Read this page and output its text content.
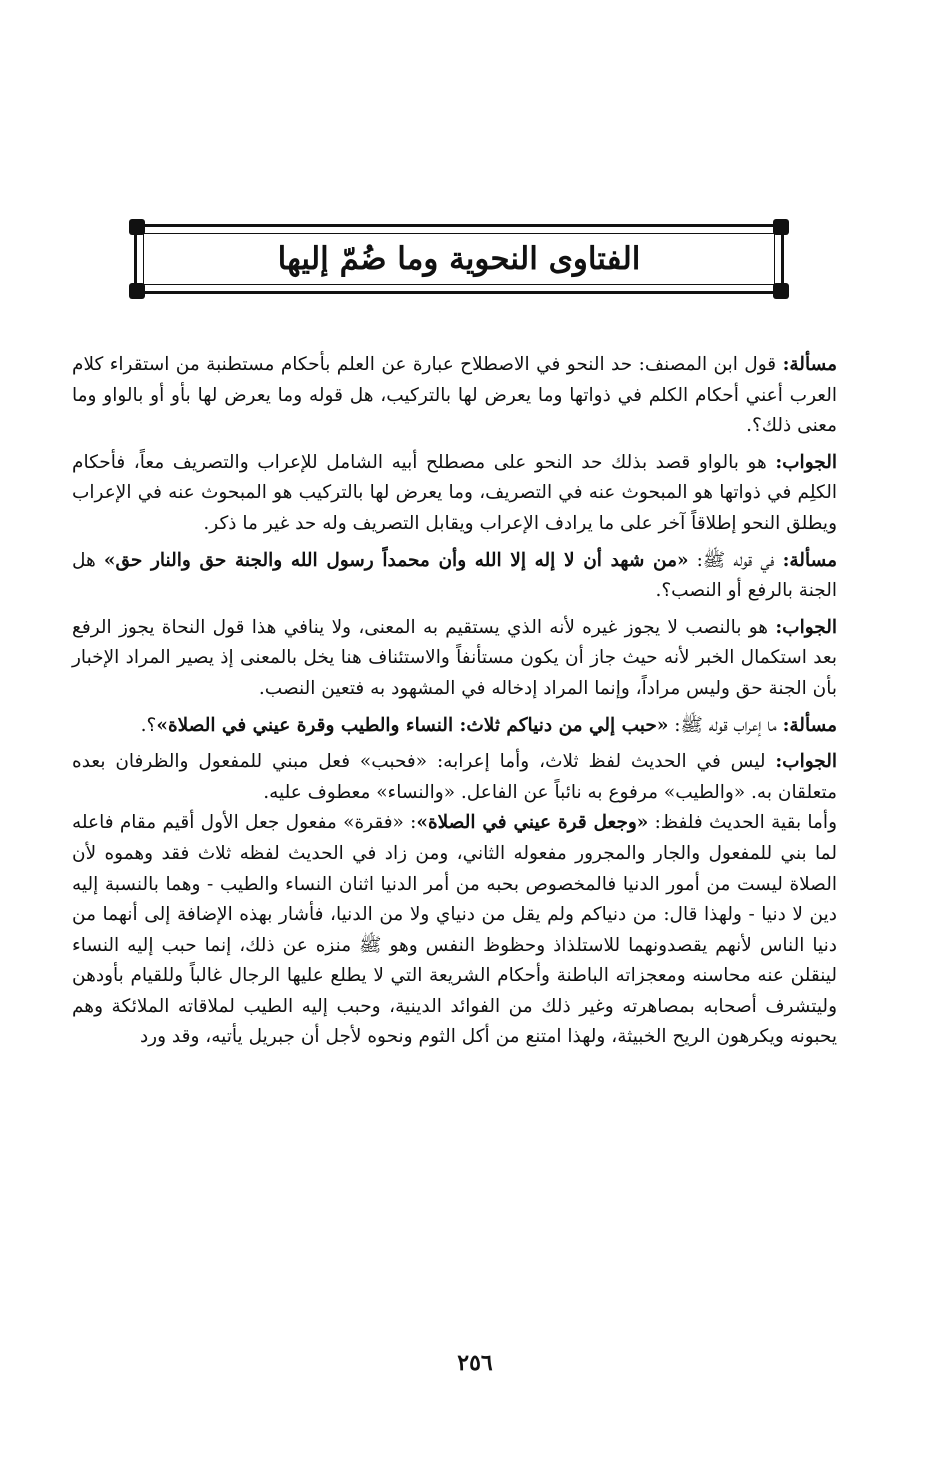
الفتاوى النحوية وما ضُمّ إليها

مسألة: قول ابن المصنف: حد النحو في الاصطلاح عبارة عن العلم بأحكام مستطنبة من استقراء كلام العرب أعني أحكام الكلم في ذواتها وما يعرض لها بالتركيب، هل قوله وما يعرض لها بأو أو بالواو وما معنى ذلك؟.

الجواب: هو بالواو قصد بذلك حد النحو على مصطلح أبيه الشامل للإعراب والتصريف معاً، فأحكام الكلِم في ذواتها هو المبحوث عنه في التصريف، وما يعرض لها بالتركيب هو المبحوث عنه في الإعراب ويطلق النحو إطلاقاً آخر على ما يرادف الإعراب ويقابل التصريف وله حد غير ما ذكر.

مسألة: في قوله ﷺ: «من شهد أن لا إله إلا الله وأن محمداً رسول الله والجنة حق والنار حق» هل الجنة بالرفع أو النصب؟.

الجواب: هو بالنصب لا يجوز غيره لأنه الذي يستقيم به المعنى، ولا ينافي هذا قول النحاة يجوز الرفع بعد استكمال الخبر لأنه حيث جاز أن يكون مستأنفاً والاستئناف هنا يخل بالمعنى إذ يصير المراد الإخبار بأن الجنة حق وليس مراداً، وإنما المراد إدخاله في المشهود به فتعين النصب.

مسألة: ما إعراب قوله ﷺ: «حبب إلي من دنياكم ثلاث: النساء والطيب وقرة عيني في الصلاة»؟.

الجواب: ليس في الحديث لفظ ثلاث، وأما إعرابه: «فحبب» فعل مبني للمفعول والظرفان بعده متعلقان به. «والطيب» مرفوع به نائباً عن الفاعل. «والنساء» معطوف عليه.

وأما بقية الحديث فلفظ: «وجعل قرة عيني في الصلاة»: «فقرة» مفعول جعل الأول أقيم مقام فاعله لما بني للمفعول والجار والمجرور مفعوله الثاني، ومن زاد في الحديث لفظه ثلاث فقد وهموه لأن الصلاة ليست من أمور الدنيا فالمخصوص بحبه من أمر الدنيا اثنان النساء والطيب - وهما بالنسبة إليه دين لا دنيا - ولهذا قال: من دنياكم ولم يقل من دنياي ولا من الدنيا، فأشار بهذه الإضافة إلى أنهما من دنيا الناس لأنهم يقصدونهما للاستلذاذ وحظوظ النفس وهو ﷺ منزه عن ذلك، إنما حبب إليه النساء لينقلن عنه محاسنه ومعجزاته الباطنة وأحكام الشريعة التي لا يطلع عليها الرجال غالباً وللقيام بأودهن وليتشرف أصحابه بمصاهرته وغير ذلك من الفوائد الدينية، وحبب إليه الطيب لملاقاته الملائكة وهم يحبونه ويكرهون الريح الخبيثة، ولهذا امتنع من أكل الثوم ونحوه لأجل أن جبريل يأتيه، وقد ورد

٢٥٦
